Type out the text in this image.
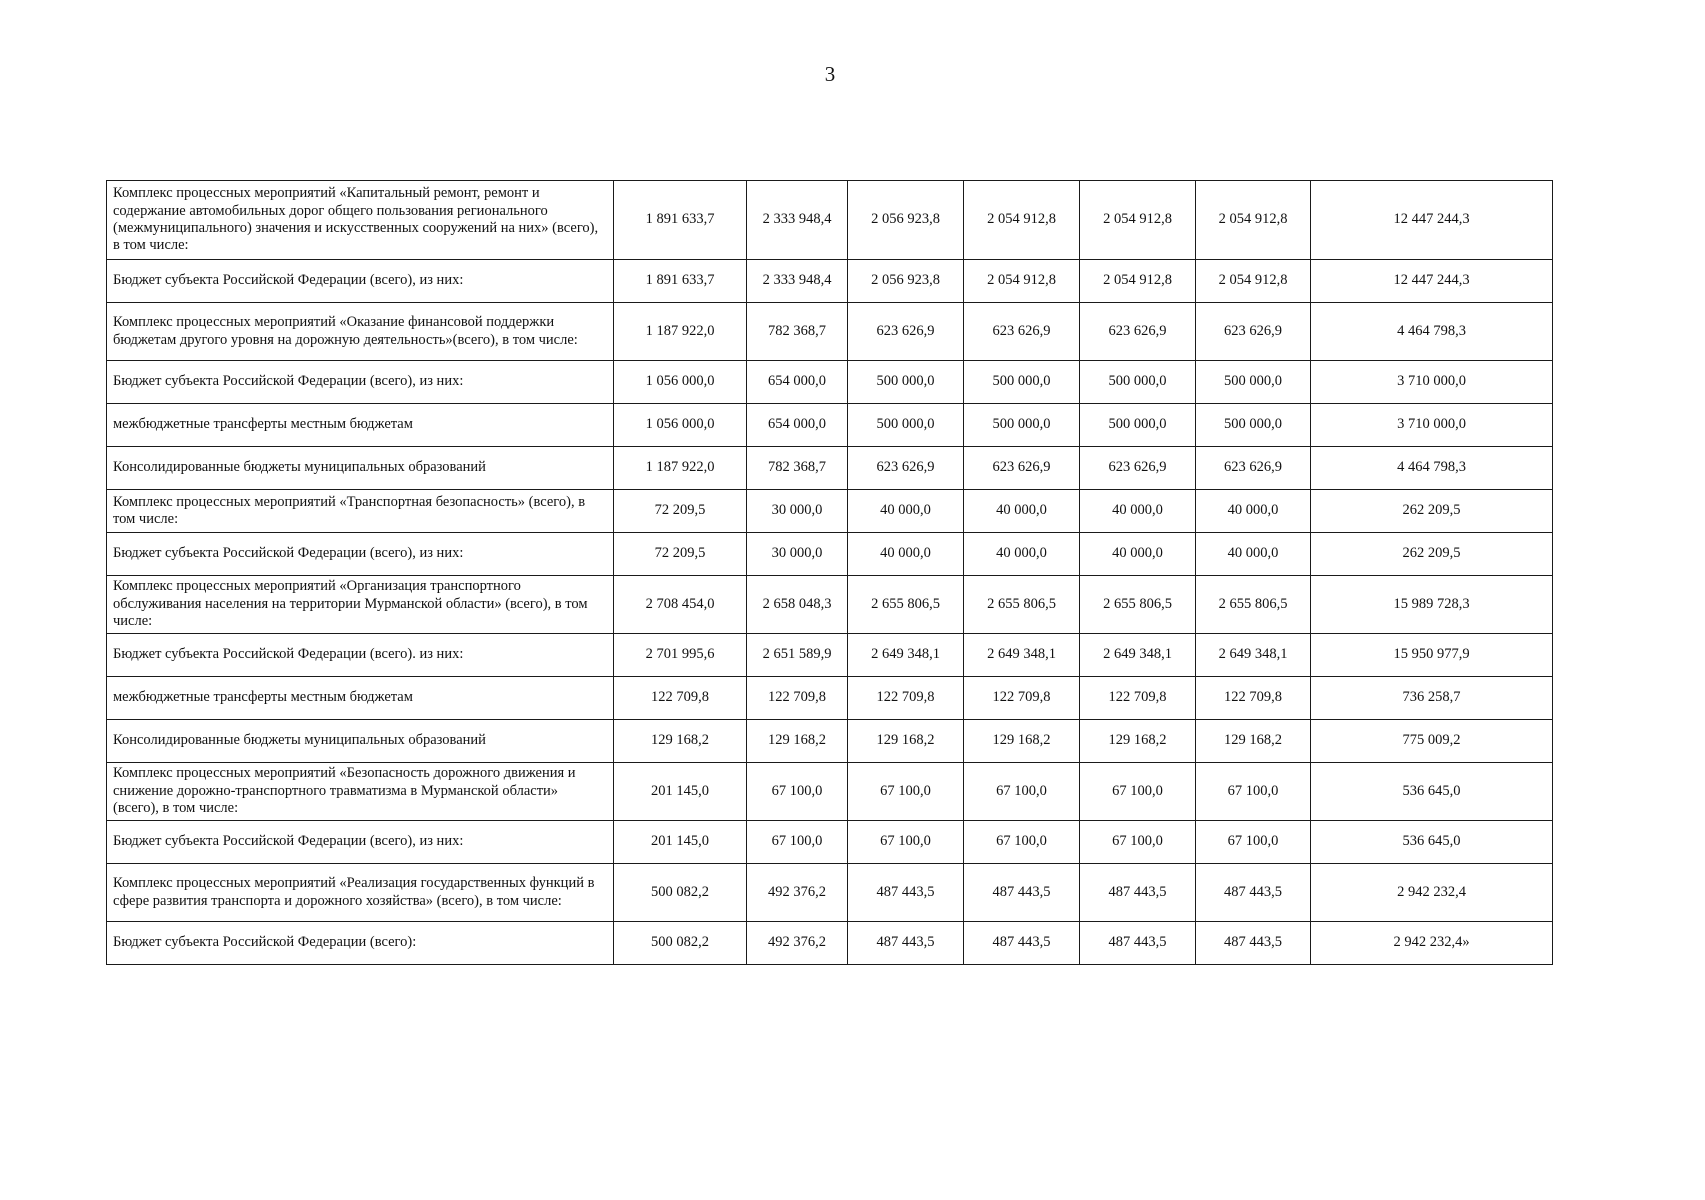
3
Комплекс процессных мероприятий «Капитальный ремонт, ремонт и содержание автомобильных дорог общего пользования регионального (межмуниципального) значения и искусственных сооружений на них» (всего), в том числе:	1 891 633,7	2 333 948,4	2 056 923,8	2 054 912,8	2 054 912,8	2 054 912,8	12 447 244,3
Бюджет субъекта Российской Федерации (всего), из них:	1 891 633,7	2 333 948,4	2 056 923,8	2 054 912,8	2 054 912,8	2 054 912,8	12 447 244,3
Комплекс процессных мероприятий «Оказание финансовой поддержки бюджетам другого уровня на дорожную деятельность»(всего), в том числе:	1 187 922,0	782 368,7	623 626,9	623 626,9	623 626,9	623 626,9	4 464 798,3
Бюджет субъекта Российской Федерации (всего), из них:	1 056 000,0	654 000,0	500 000,0	500 000,0	500 000,0	500 000,0	3 710 000,0
межбюджетные трансферты местным бюджетам	1 056 000,0	654 000,0	500 000,0	500 000,0	500 000,0	500 000,0	3 710 000,0
Консолидированные бюджеты муниципальных образований	1 187 922,0	782 368,7	623 626,9	623 626,9	623 626,9	623 626,9	4 464 798,3
Комплекс процессных мероприятий «Транспортная безопасность» (всего), в том числе:	72 209,5	30 000,0	40 000,0	40 000,0	40 000,0	40 000,0	262 209,5
Бюджет субъекта Российской Федерации (всего), из них:	72 209,5	30 000,0	40 000,0	40 000,0	40 000,0	40 000,0	262 209,5
Комплекс процессных мероприятий «Организация транспортного обслуживания населения на территории Мурманской области» (всего), в том числе:	2 708 454,0	2 658 048,3	2 655 806,5	2 655 806,5	2 655 806,5	2 655 806,5	15 989 728,3
Бюджет субъекта Российской Федерации (всего). из них:	2 701 995,6	2 651 589,9	2 649 348,1	2 649 348,1	2 649 348,1	2 649 348,1	15 950 977,9
межбюджетные трансферты местным бюджетам	122 709,8	122 709,8	122 709,8	122 709,8	122 709,8	122 709,8	736 258,7
Консолидированные бюджеты муниципальных образований	129 168,2	129 168,2	129 168,2	129 168,2	129 168,2	129 168,2	775 009,2
Комплекс процессных мероприятий «Безопасность дорожного движения и снижение дорожно-транспортного травматизма в Мурманской области» (всего), в том числе:	201 145,0	67 100,0	67 100,0	67 100,0	67 100,0	67 100,0	536 645,0
Бюджет субъекта Российской Федерации (всего), из них:	201 145,0	67 100,0	67 100,0	67 100,0	67 100,0	67 100,0	536 645,0
Комплекс процессных мероприятий «Реализация государственных функций в сфере развития транспорта и дорожного хозяйства» (всего), в том числе:	500 082,2	492 376,2	487 443,5	487 443,5	487 443,5	487 443,5	2 942 232,4
Бюджет субъекта Российской Федерации (всего):	500 082,2	492 376,2	487 443,5	487 443,5	487 443,5	487 443,5	2 942 232,4»
